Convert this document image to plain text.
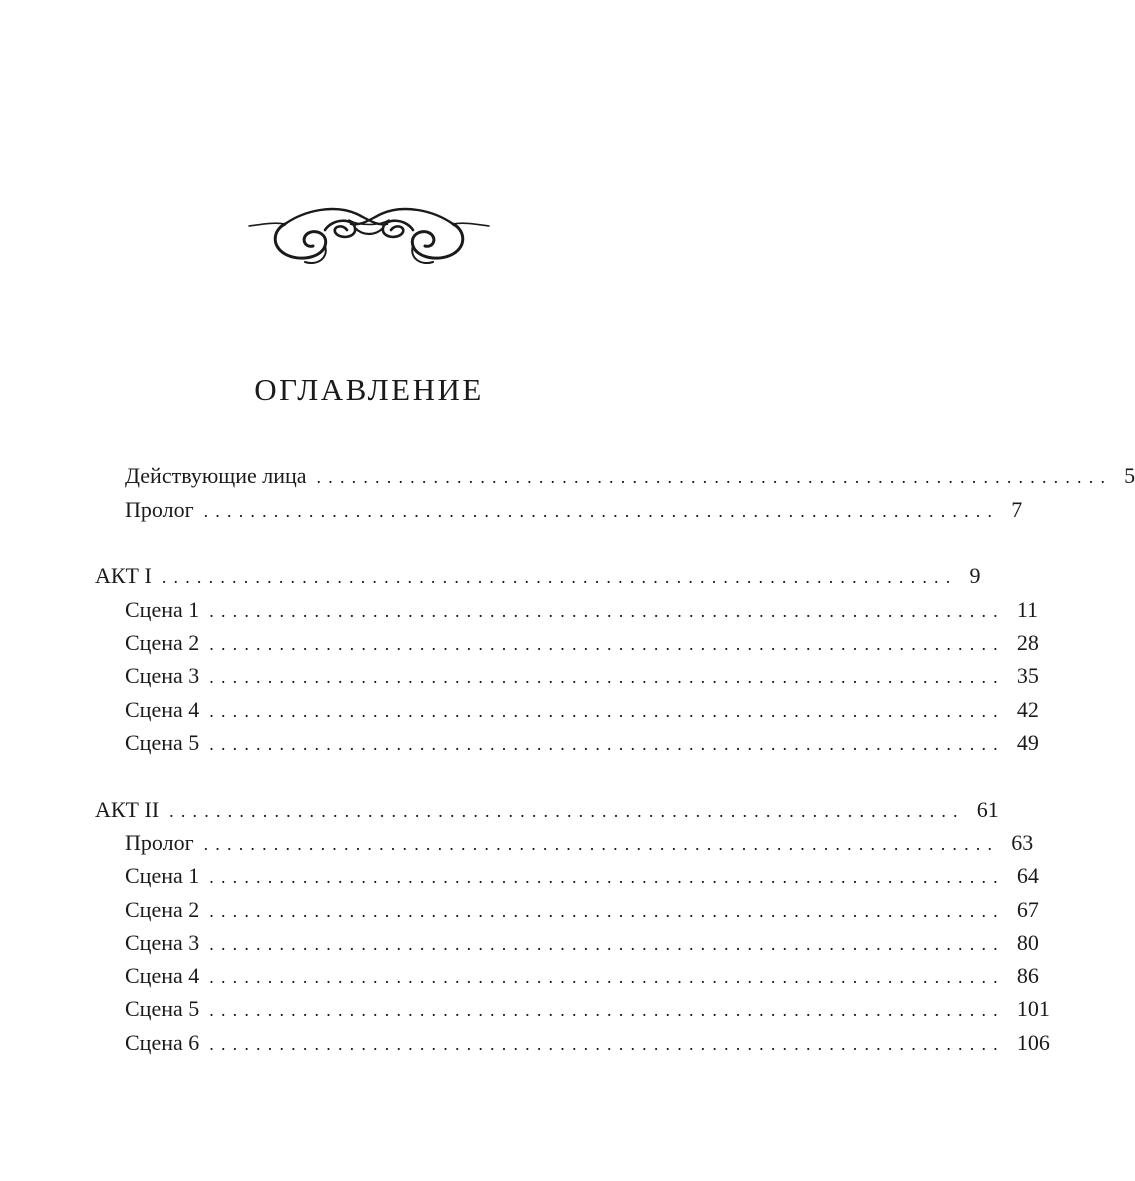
ОГЛАВЛЕНИЕ
Действующие лица .................................................................... 5
Пролог .................................................................... 7
АКТ I .................................................................... 9
Сцена 1 .................................................................... 11
Сцена 2 .................................................................... 28
Сцена 3 .................................................................... 35
Сцена 4 .................................................................... 42
Сцена 5 .................................................................... 49
АКТ II .................................................................... 61
Пролог .................................................................... 63
Сцена 1 .................................................................... 64
Сцена 2 .................................................................... 67
Сцена 3 .................................................................... 80
Сцена 4 .................................................................... 86
Сцена 5 .................................................................... 101
Сцена 6 .................................................................... 106
